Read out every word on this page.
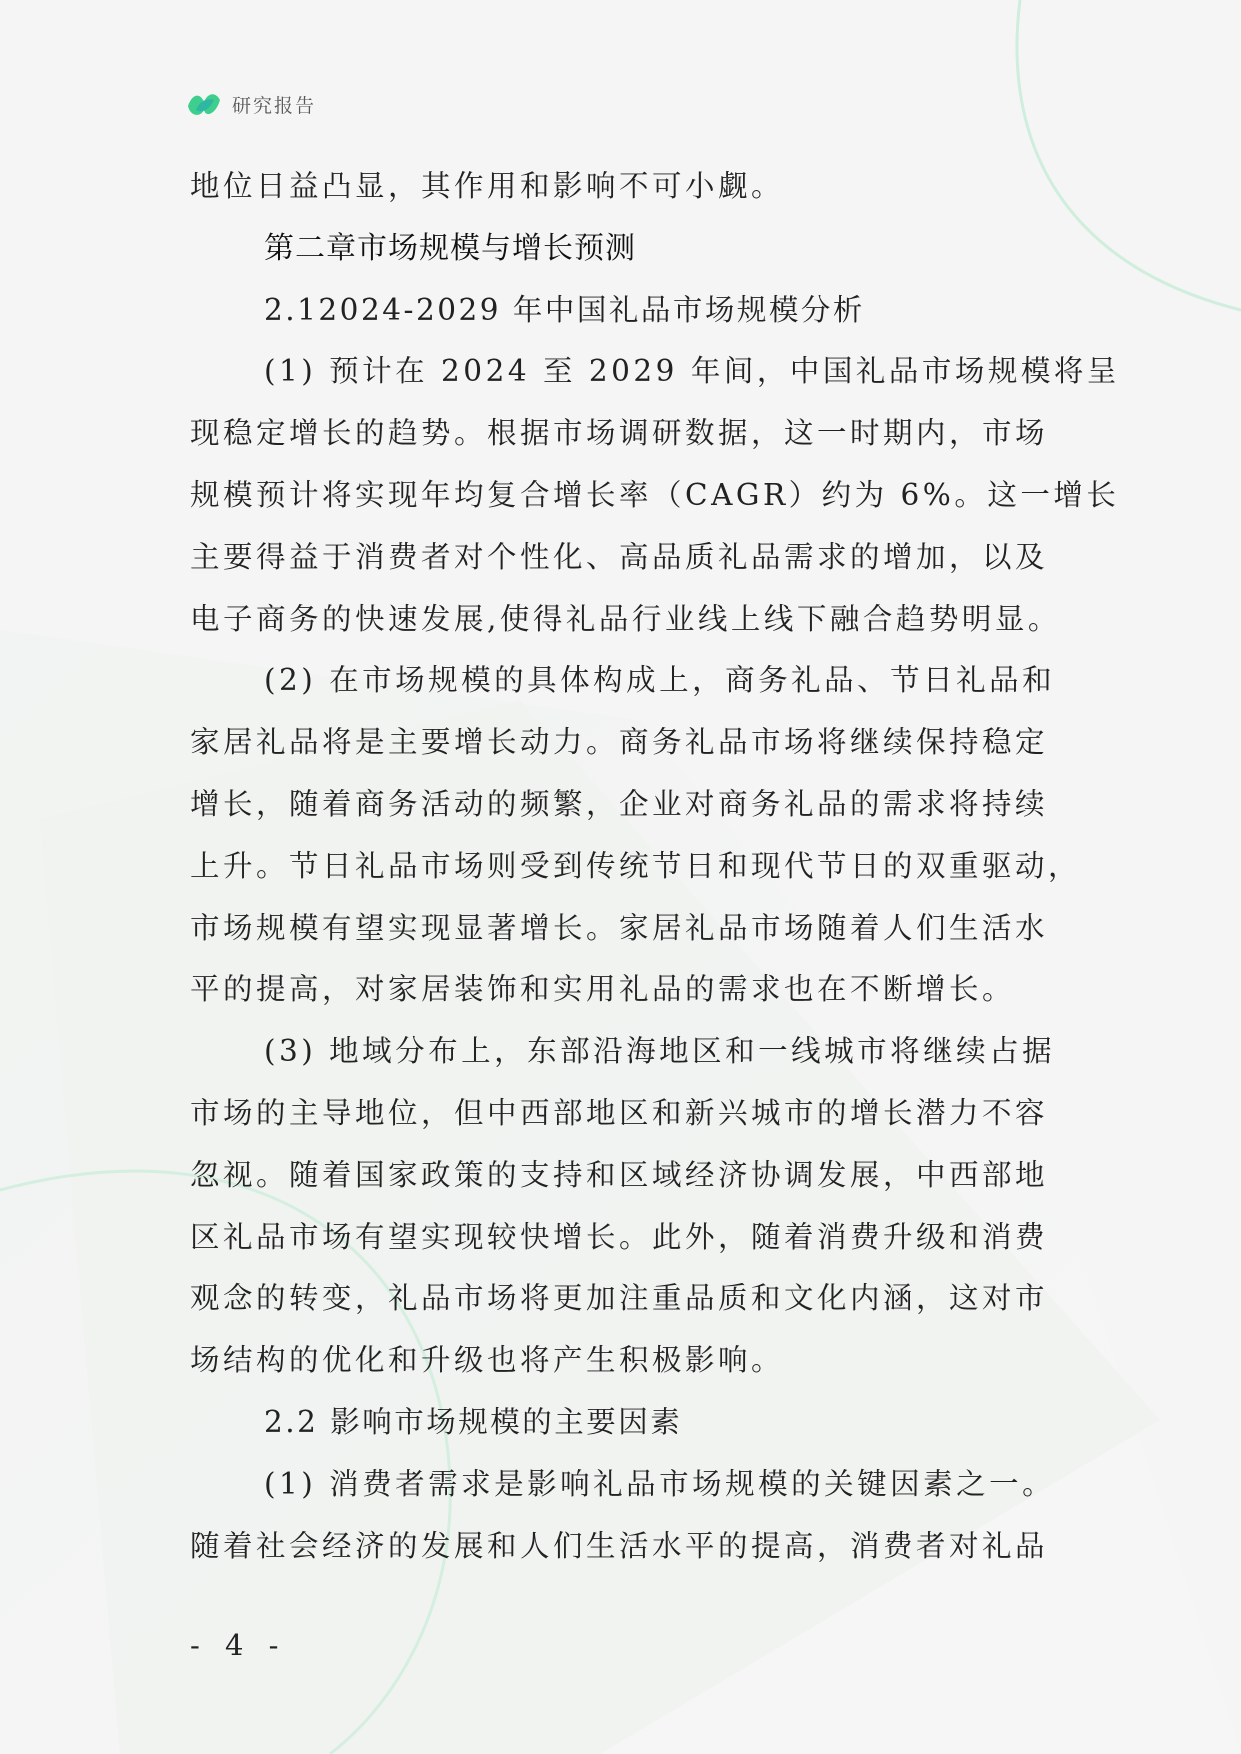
研究报告
地位日益凸显，其作用和影响不可小觑。
第二章市场规模与增长预测
2.12024-2029 年中国礼品市场规模分析
(1) 预计在 2024 至 2029 年间，中国礼品市场规模将呈
现稳定增长的趋势。根据市场调研数据，这一时期内，市场
规模预计将实现年均复合增长率（CAGR）约为 6%。这一增长
主要得益于消费者对个性化、高品质礼品需求的增加，以及
电子商务的快速发展,使得礼品行业线上线下融合趋势明显。
(2) 在市场规模的具体构成上，商务礼品、节日礼品和
家居礼品将是主要增长动力。商务礼品市场将继续保持稳定
增长，随着商务活动的频繁，企业对商务礼品的需求将持续
上升。节日礼品市场则受到传统节日和现代节日的双重驱动，
市场规模有望实现显著增长。家居礼品市场随着人们生活水
平的提高，对家居装饰和实用礼品的需求也在不断增长。
(3) 地域分布上，东部沿海地区和一线城市将继续占据
市场的主导地位，但中西部地区和新兴城市的增长潜力不容
忽视。随着国家政策的支持和区域经济协调发展，中西部地
区礼品市场有望实现较快增长。此外，随着消费升级和消费
观念的转变，礼品市场将更加注重品质和文化内涵，这对市
场结构的优化和升级也将产生积极影响。
2.2 影响市场规模的主要因素
(1) 消费者需求是影响礼品市场规模的关键因素之一。
随着社会经济的发展和人们生活水平的提高，消费者对礼品
- 4 -
